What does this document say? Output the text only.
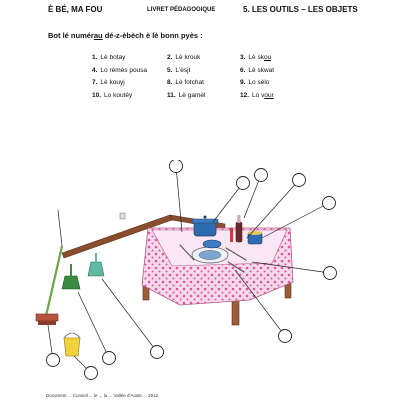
È BÉ, MA FOU	LIVRET PÉDAGOGIQUE	5. LES OUTILS – LES OBJETS
Bot lé numérau dé-z-èbèch è lè bonn pyès :
1. Lè botay	2. Lè krouk	3. Lè skou
4. Lo rèmès pousa	5. L'èsjt	6. Lè skwat
7. Lè kouyj	8. Lè fotchat	9. Lo sèlo
10. Lo koutéy	11. Lè gamèl	12. Lo vour
Document ... Conseil ... le ... la ... Vallée d'Aoste ... 2012
